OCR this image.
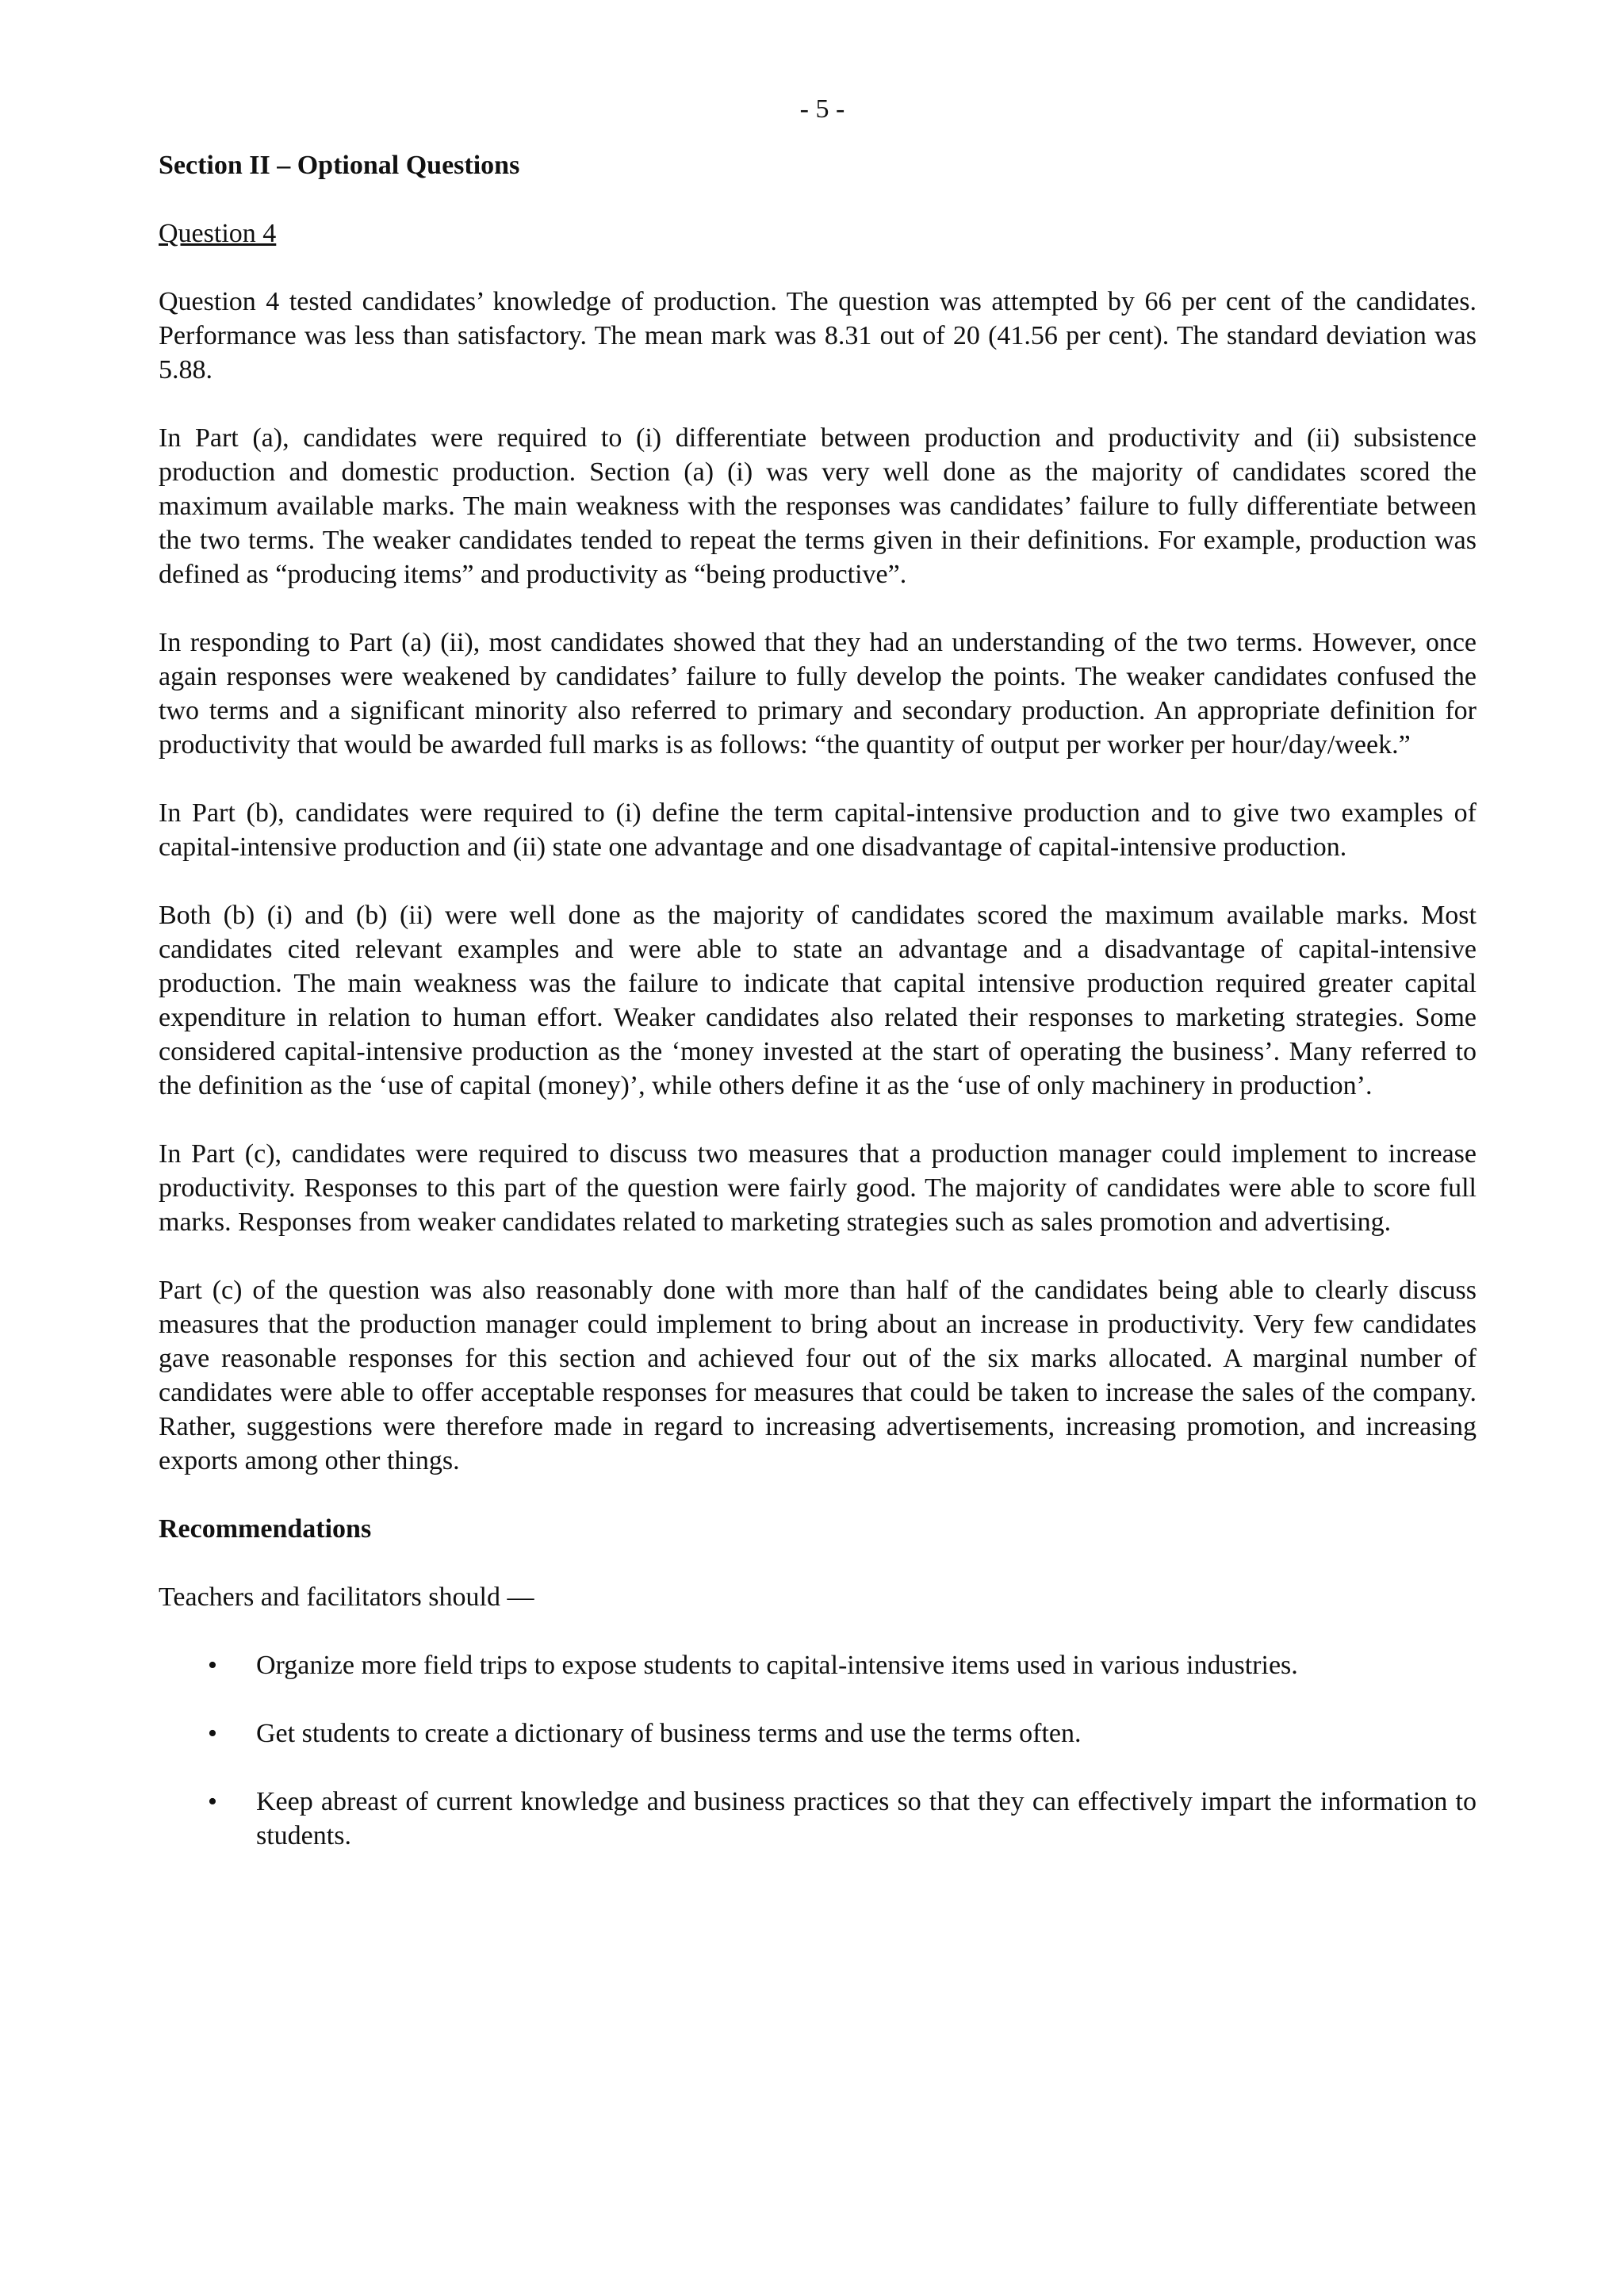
- 5 -
Section II – Optional Questions
Question 4

Question 4 tested candidates’ knowledge of production. The question was attempted by 66 per cent of the candidates. Performance was less than satisfactory. The mean mark was 8.31 out of 20 (41.56 per cent). The standard deviation was 5.88.

In Part (a), candidates were required to (i) differentiate between production and productivity and (ii) subsistence production and domestic production. Section (a) (i) was very well done as the majority of candidates scored the maximum available marks. The main weakness with the responses was candidates’ failure to fully differentiate between the two terms. The weaker candidates tended to repeat the terms given in their definitions. For example, production was defined as “producing items” and productivity as “being productive”.

In responding to Part (a) (ii), most candidates showed that they had an understanding of the two terms. However, once again responses were weakened by candidates’ failure to fully develop the points. The weaker candidates confused the two terms and a significant minority also referred to primary and secondary production. An appropriate definition for productivity that would be awarded full marks is as follows: “the quantity of output per worker per hour/day/week.”

In Part (b), candidates were required to (i) define the term capital-intensive production and to give two examples of capital-intensive production and (ii) state one advantage and one disadvantage of capital-intensive production.

Both (b) (i) and (b) (ii) were well done as the majority of candidates scored the maximum available marks. Most candidates cited relevant examples and were able to state an advantage and a disadvantage of capital-intensive production. The main weakness was the failure to indicate that capital intensive production required greater capital expenditure in relation to human effort. Weaker candidates also related their responses to marketing strategies. Some considered capital-intensive production as the ‘money invested at the start of operating the business’. Many referred to the definition as the ‘use of capital (money)’, while others define it as the ‘use of only machinery in production’.

In Part (c), candidates were required to discuss two measures that a production manager could implement to increase productivity. Responses to this part of the question were fairly good. The majority of candidates were able to score full marks. Responses from weaker candidates related to marketing strategies such as sales promotion and advertising.

Part (c) of the question was also reasonably done with more than half of the candidates being able to clearly discuss measures that the production manager could implement to bring about an increase in productivity. Very few candidates gave reasonable responses for this section and achieved four out of the six marks allocated. A marginal number of candidates were able to offer acceptable responses for measures that could be taken to increase the sales of the company. Rather, suggestions were therefore made in regard to increasing advertisements, increasing promotion, and increasing exports among other things.

Recommendations
Teachers and facilitators should —
• Organize more field trips to expose students to capital-intensive items used in various industries.
• Get students to create a dictionary of business terms and use the terms often.
• Keep abreast of current knowledge and business practices so that they can effectively impart the information to students.
